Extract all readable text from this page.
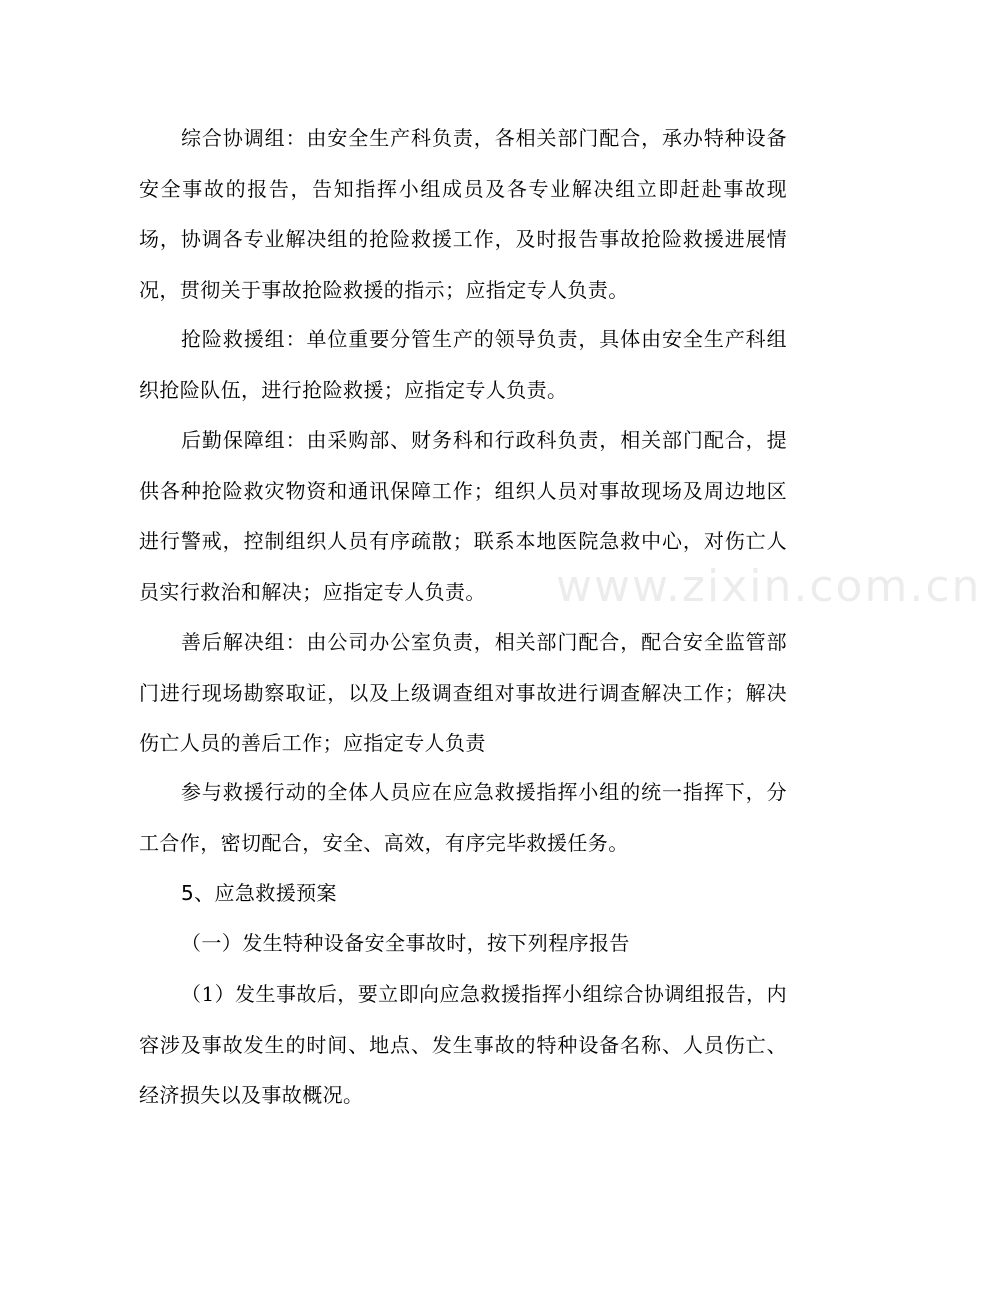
综合协调组：由安全生产科负责，各相关部门配合，承办特种设备安全事故的报告，告知指挥小组成员及各专业解决组立即赶赴事故现场，协调各专业解决组的抢险救援工作，及时报告事故抢险救援进展情况，贯彻关于事故抢险救援的指示；应指定专人负责。

抢险救援组：单位重要分管生产的领导负责，具体由安全生产科组织抢险队伍，进行抢险救援；应指定专人负责。

后勤保障组：由采购部、财务科和行政科负责，相关部门配合，提供各种抢险救灾物资和通讯保障工作；组织人员对事故现场及周边地区进行警戒，控制组织人员有序疏散；联系本地医院急救中心，对伤亡人员实行救治和解决；应指定专人负责。

善后解决组：由公司办公室负责，相关部门配合，配合安全监管部门进行现场勘察取证，以及上级调查组对事故进行调查解决工作；解决伤亡人员的善后工作；应指定专人负责

参与救援行动的全体人员应在应急救援指挥小组的统一指挥下，分工合作，密切配合，安全、高效，有序完毕救援任务。

5、应急救援预案

（一）发生特种设备安全事故时，按下列程序报告

（1）发生事故后，要立即向应急救援指挥小组综合协调组报告，内容涉及事故发生的时间、地点、发生事故的特种设备名称、人员伤亡、经济损失以及事故概况。

www.zixin.com.cn
